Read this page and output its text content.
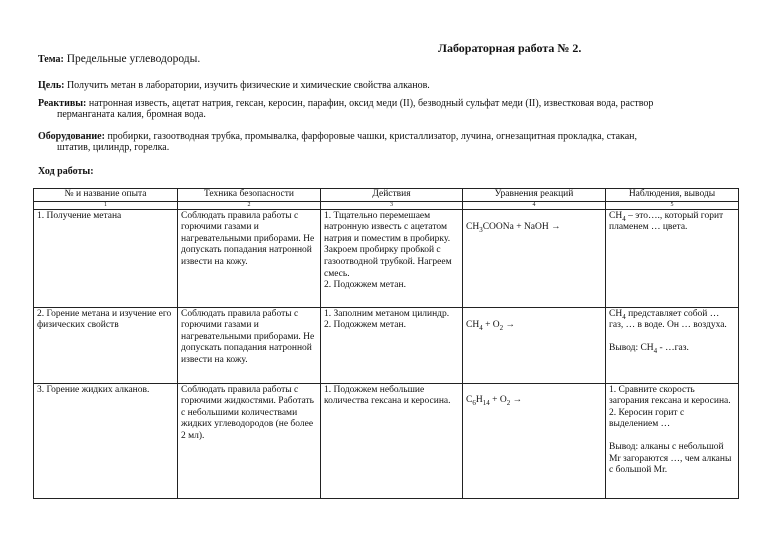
Лабораторная работа № 2.
Тема: Предельные углеводороды.
Цель: Получить метан в лаборатории, изучить физические и химические свойства алканов.
Реактивы: натронная известь, ацетат натрия, гексан, керосин, парафин, оксид меди (II), безводный сульфат меди (II), известковая вода, раствор
перманганата калия, бромная вода.
Оборудование: пробирки, газоотводная трубка, промывалка, фарфоровые чашки, кристаллизатор, лучина, огнезащитная прокладка, стакан,
штатив, цилиндр, горелка.
Ход работы:
№ и название опыта	Техника безопасности	Действия	Уравнения реакций	Наблюдения, выводы
1	2	3	4	5
1. Получение метана	Соблюдать правила работы с горючими газами и нагревательными приборами. Не допускать попадания натронной извести на кожу.	1. Тщательно перемешаем натронную известь с ацетатом натрия и поместим в пробирку. Закроем пробирку пробкой с газоотводной трубкой. Нагреем смесь.
2. Подожжем метан.	$CH_3COONa$ + NaOH →	$CH_4$ – это…., который горит пламенем … цвета.
2. Горение метана и изучение его физических свойств	Соблюдать правила работы с горючими газами и нагревательными приборами. Не допускать попадания натронной извести на кожу.	1. Заполним метаном цилиндр.
2. Подожжем метан.	$CH_4 + O_2$ →	$CH_4$ представляет собой … газ, … в воде. Он … воздуха.
Вывод: $CH_4$ - …газ.
3. Горение жидких алканов.	Соблюдать правила работы с горючими жидкостями. Работать с небольшими количествами жидких углеводородов (не более 2 мл).	1. Подожжем небольшие количества гексана и керосина.	$C_6H_{14} + O_2$ →	1. Сравните скорость загорания гексана и керосина.
2. Керосин горит с выделением …
Вывод: алканы с небольшой Mr загораются …, чем алканы с большой Mr.
